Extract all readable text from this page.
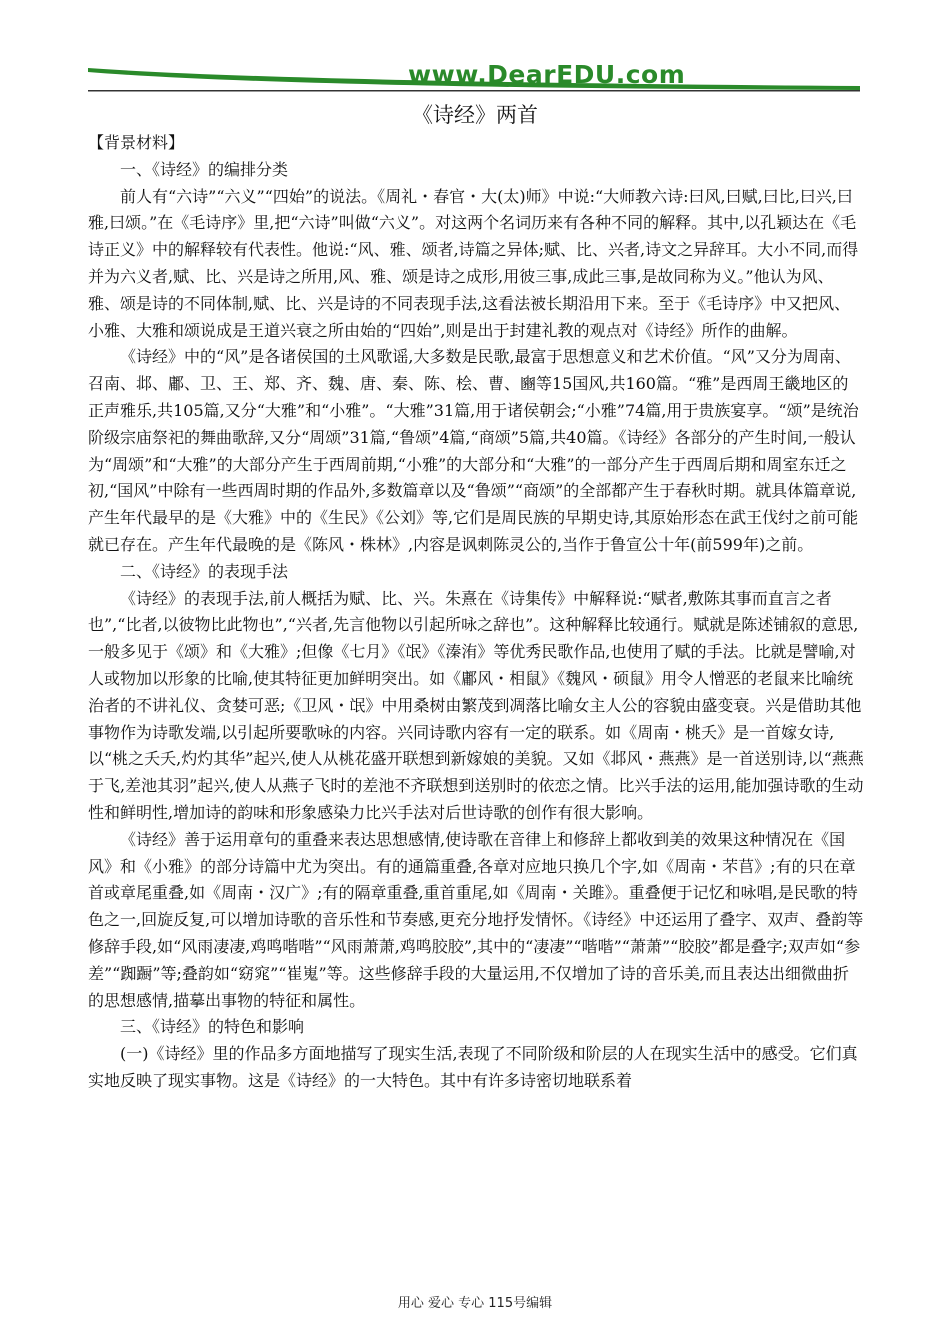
www.DearEDU.com
《诗经》两首

【背景材料】

一、《诗经》的编排分类

前人有“六诗”“六义”“四始”的说法。《周礼・春官・大(太)师》中说:“大师教六诗:曰风,曰赋,曰比,曰兴,曰雅,曰颂。”在《毛诗序》里,把“六诗”叫做“六义”。对这两个名词历来有各种不同的解释。其中,以孔颖达在《毛诗正义》中的解释较有代表性。他说:“风、雅、颂者,诗篇之异体;赋、比、兴者,诗文之异辞耳。大小不同,而得并为六义者,赋、比、兴是诗之所用,风、雅、颂是诗之成形,用彼三事,成此三事,是故同称为义。”他认为风、雅、颂是诗的不同体制,赋、比、兴是诗的不同表现手法,这看法被长期沿用下来。至于《毛诗序》中又把风、小雅、大雅和颂说成是王道兴衰之所由始的“四始”,则是出于封建礼教的观点对《诗经》所作的曲解。

《诗经》中的“风”是各诸侯国的土风歌谣,大多数是民歌,最富于思想意义和艺术价值。“风”又分为周南、召南、邶、鄘、卫、王、郑、齐、魏、唐、秦、陈、桧、曹、豳等15国风,共160篇。“雅”是西周王畿地区的正声雅乐,共105篇,又分“大雅”和“小雅”。“大雅”31篇,用于诸侯朝会;“小雅”74篇,用于贵族宴享。“颂”是统治阶级宗庙祭祀的舞曲歌辞,又分“周颂”31篇,“鲁颂”4篇,“商颂”5篇,共40篇。《诗经》各部分的产生时间,一般认为“周颂”和“大雅”的大部分产生于西周前期,“小雅”的大部分和“大雅”的一部分产生于西周后期和周室东迁之初,“国风”中除有一些西周时期的作品外,多数篇章以及“鲁颂”“商颂”的全部都产生于春秋时期。就具体篇章说,产生年代最早的是《大雅》中的《生民》《公刘》等,它们是周民族的早期史诗,其原始形态在武王伐纣之前可能就已存在。产生年代最晚的是《陈风・株林》,内容是讽刺陈灵公的,当作于鲁宣公十年(前599年)之前。

二、《诗经》的表现手法

《诗经》的表现手法,前人概括为赋、比、兴。朱熹在《诗集传》中解释说:“赋者,敷陈其事而直言之者也”,“比者,以彼物比此物也”,“兴者,先言他物以引起所咏之辞也”。这种解释比较通行。赋就是陈述铺叙的意思,一般多见于《颂》和《大雅》;但像《七月》《氓》《溱洧》等优秀民歌作品,也使用了赋的手法。比就是譬喻,对人或物加以形象的比喻,使其特征更加鲜明突出。如《鄘风・相鼠》《魏风・硕鼠》用令人憎恶的老鼠来比喻统治者的不讲礼仪、贪婪可恶;《卫风・氓》中用桑树由繁茂到凋落比喻女主人公的容貌由盛变衰。兴是借助其他事物作为诗歌发端,以引起所要歌咏的内容。兴同诗歌内容有一定的联系。如《周南・桃夭》是一首嫁女诗,以“桃之夭夭,灼灼其华”起兴,使人从桃花盛开联想到新嫁娘的美貌。又如《邶风・燕燕》是一首送别诗,以“燕燕于飞,差池其羽”起兴,使人从燕子飞时的差池不齐联想到送别时的依恋之情。比兴手法的运用,能加强诗歌的生动性和鲜明性,增加诗的韵味和形象感染力比兴手法对后世诗歌的创作有很大影响。

《诗经》善于运用章句的重叠来表达思想感情,使诗歌在音律上和修辞上都收到美的效果这种情况在《国风》和《小雅》的部分诗篇中尤为突出。有的通篇重叠,各章对应地只换几个字,如《周南・芣苢》;有的只在章首或章尾重叠,如《周南・汉广》;有的隔章重叠,重首重尾,如《周南・关雎》。重叠便于记忆和咏唱,是民歌的特色之一,回旋反复,可以增加诗歌的音乐性和节奏感,更充分地抒发情怀。《诗经》中还运用了叠字、双声、叠韵等修辞手段,如“风雨凄凄,鸡鸣喈喈”“风雨萧萧,鸡鸣胶胶”,其中的“凄凄”“喈喈”“萧萧”“胶胶”都是叠字;双声如“参差”“踟蹰”等;叠韵如“窈窕”“崔嵬”等。这些修辞手段的大量运用,不仅增加了诗的音乐美,而且表达出细微曲折的思想感情,描摹出事物的特征和属性。

三、《诗经》的特色和影响

(一)《诗经》里的作品多方面地描写了现实生活,表现了不同阶级和阶层的人在现实生活中的感受。它们真实地反映了现实事物。这是《诗经》的一大特色。其中有许多诗密切地联系着

用心 爱心 专心 115号编辑
